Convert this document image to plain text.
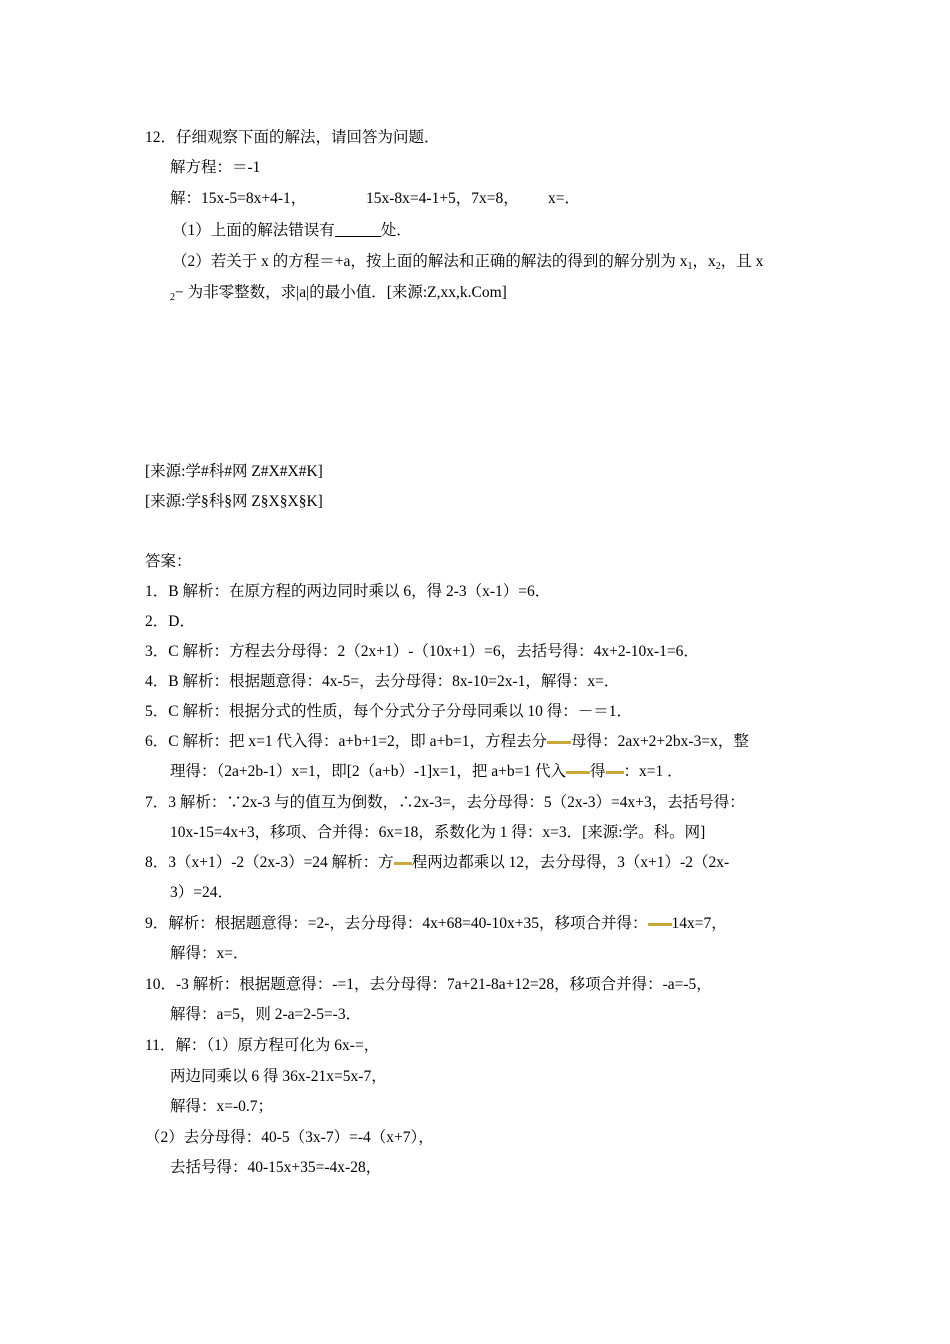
12．仔细观察下面的解法，请回答为问题．
解方程：＝-1
解：15x-5=8x+4-1，	15x-8x=4-1+5，7x=8， x=．
（1）上面的解法错误有	处．
（2）若关于 x 的方程＝+a，按上面的解法和正确的解法的得到的解分别为 $x_1$，$x_2$，且 x
$_2$− 为非零整数，求|a|的最小值．[来源:Z,xx,k.Com]
[来源:学#科#网 Z#X#X#K]
[来源:学§科§网 Z§X§X§K]
答案：
1．B 解析：在原方程的两边同时乘以 6，得 2-3（x-1）=6．
2．D．
3．C 解析：方程去分母得：2（2x+1）-（10x+1）=6，去括号得：4x+2-10x-1=6．
4．B 解析：根据题意得：4x-5=，去分母得：8x-10=2x-1，解得：x=．
5．C 解析：根据分式的性质，每个分式分子分母同乘以 10 得：－＝1．
6．C 解析：把 x=1 代入得：a+b+1=2，即 a+b=1，方程去分 母得：2ax+2+2bx-3=x，整
理得：（2a+2b-1）x=1，即[2（a+b）-1]x=1，把 a+b=1 代入 得 ：x=1 ．
7．3 解析：∵2x-3 与的值互为倒数，∴2x-3=，去分母得：5（2x-3）=4x+3，去括号得：
10x-15=4x+3，移项、合并得：6x=18，系数化为 1 得：x=3．[来源:学。科。网]
8．3（x+1）-2（2x-3）=24 解析：方 程两边都乘以 12，去分母得，3（x+1）-2（2x-
3）=24．
9．解析：根据题意得：=2-，去分母得：4x+68=40-10x+35，移项合并得： 14x=7，
解得：x=．
10．-3 解析：根据题意得：-=1，去分母得：7a+21-8a+12=28，移项合并得：-a=-5，
解得：a=5，则 2-a=2-5=-3．
11．解：（1）原方程可化为 6x-=，
两边同乘以 6 得 36x-21x=5x-7，
解得：x=-0.7；
（2）去分母得：40-5（3x-7）=-4（x+7），
去括号得：40-15x+35=-4x-28，
